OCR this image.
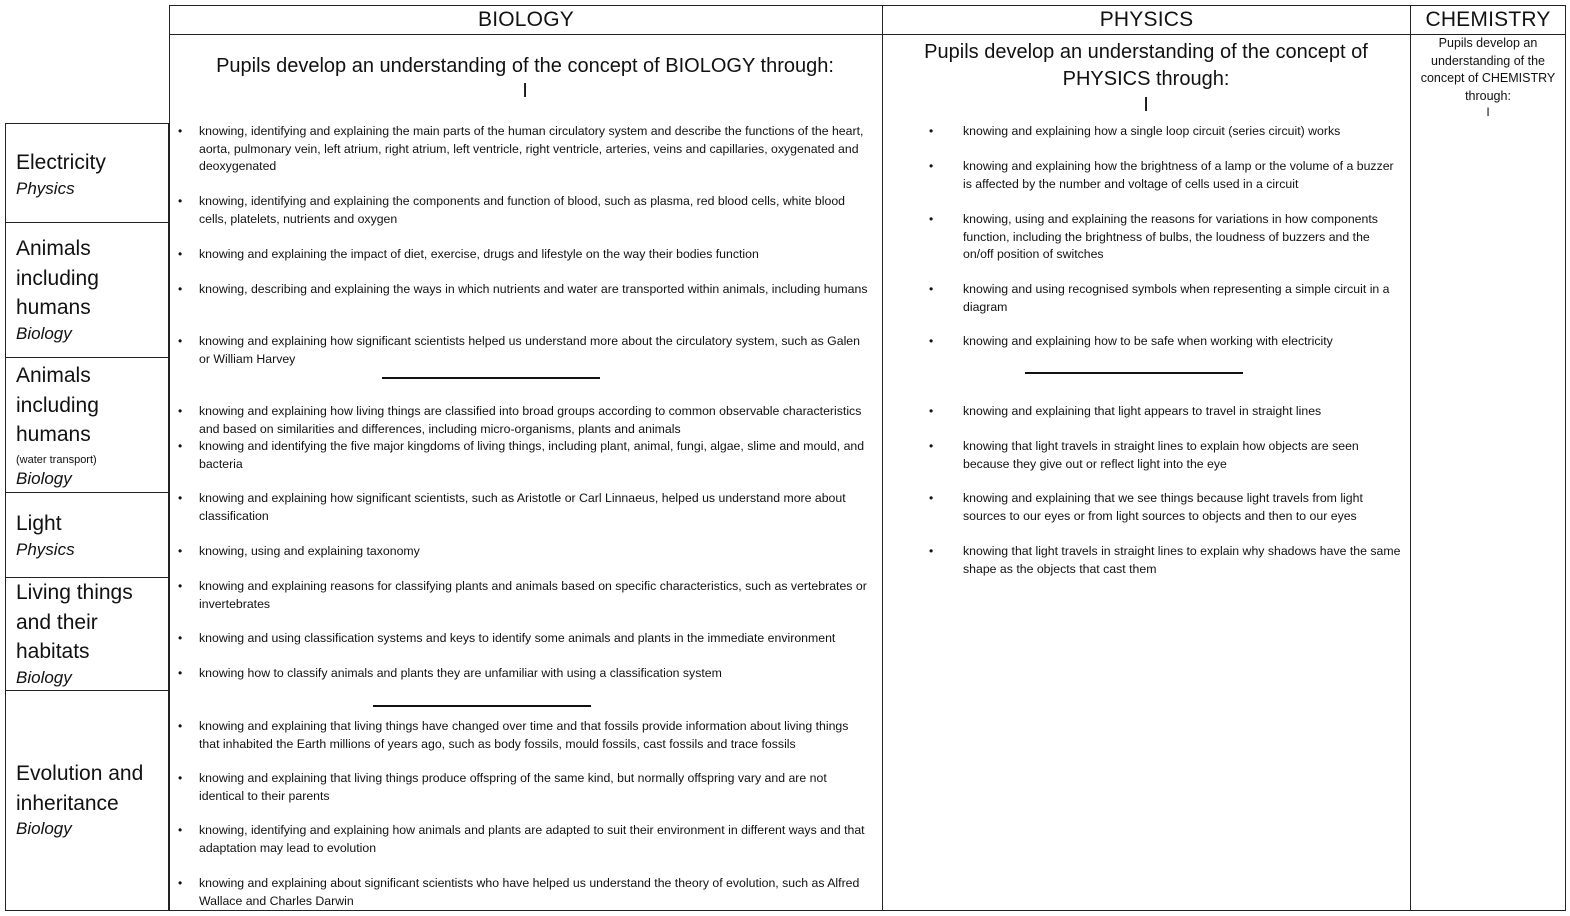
BIOLOGY	PHYSICS	CHEMISTRY
Pupils develop an understanding of the concept of BIOLOGY through:
I
Pupils develop an understanding of the concept of PHYSICS through:
I
Pupils develop an understanding of the concept of CHEMISTRY through:
I
Electricity
Physics
Animals including humans
Biology
Animals including humans
(water transport)
Biology
Light
Physics
Living things and their habitats
Biology
Evolution and inheritance
Biology
• knowing, identifying and explaining the main parts of the human circulatory system and describe the functions of the heart, aorta, pulmonary vein, left atrium, right atrium, left ventricle, right ventricle, arteries, veins and capillaries, oxygenated and deoxygenated
• knowing, identifying and explaining the components and function of blood, such as plasma, red blood cells, white blood cells, platelets, nutrients and oxygen
• knowing and explaining the impact of diet, exercise, drugs and lifestyle on the way their bodies function
• knowing, describing and explaining the ways in which nutrients and water are transported within animals, including humans
• knowing and explaining how significant scientists helped us understand more about the circulatory system, such as Galen or William Harvey
• knowing and explaining how living things are classified into broad groups according to common observable characteristics and based on similarities and differences, including micro-organisms, plants and animals
• knowing and identifying the five major kingdoms of living things, including plant, animal, fungi, algae, slime and mould, and bacteria
• knowing and explaining how significant scientists, such as Aristotle or Carl Linnaeus, helped us understand more about classification
• knowing, using and explaining taxonomy
• knowing and explaining reasons for classifying plants and animals based on specific characteristics, such as vertebrates or invertebrates
• knowing and using classification systems and keys to identify some animals and plants in the immediate environment
• knowing how to classify animals and plants they are unfamiliar with using a classification system
• knowing and explaining that living things have changed over time and that fossils provide information about living things that inhabited the Earth millions of years ago, such as body fossils, mould fossils, cast fossils and trace fossils
• knowing and explaining that living things produce offspring of the same kind, but normally offspring vary and are not identical to their parents
• knowing, identifying and explaining how animals and plants are adapted to suit their environment in different ways and that adaptation may lead to evolution
• knowing and explaining about significant scientists who have helped us understand the theory of evolution, such as Alfred Wallace and Charles Darwin
• knowing and explaining how a single loop circuit (series circuit) works
• knowing and explaining how the brightness of a lamp or the volume of a buzzer is affected by the number and voltage of cells used in a circuit
• knowing, using and explaining the reasons for variations in how components function, including the brightness of bulbs, the loudness of buzzers and the on/off position of switches
• knowing and using recognised symbols when representing a simple circuit in a diagram
• knowing and explaining how to be safe when working with electricity
• knowing and explaining that light appears to travel in straight lines
• knowing that light travels in straight lines to explain how objects are seen because they give out or reflect light into the eye
• knowing and explaining that we see things because light travels from light sources to our eyes or from light sources to objects and then to our eyes
• knowing that light travels in straight lines to explain why shadows have the same shape as the objects that cast them
